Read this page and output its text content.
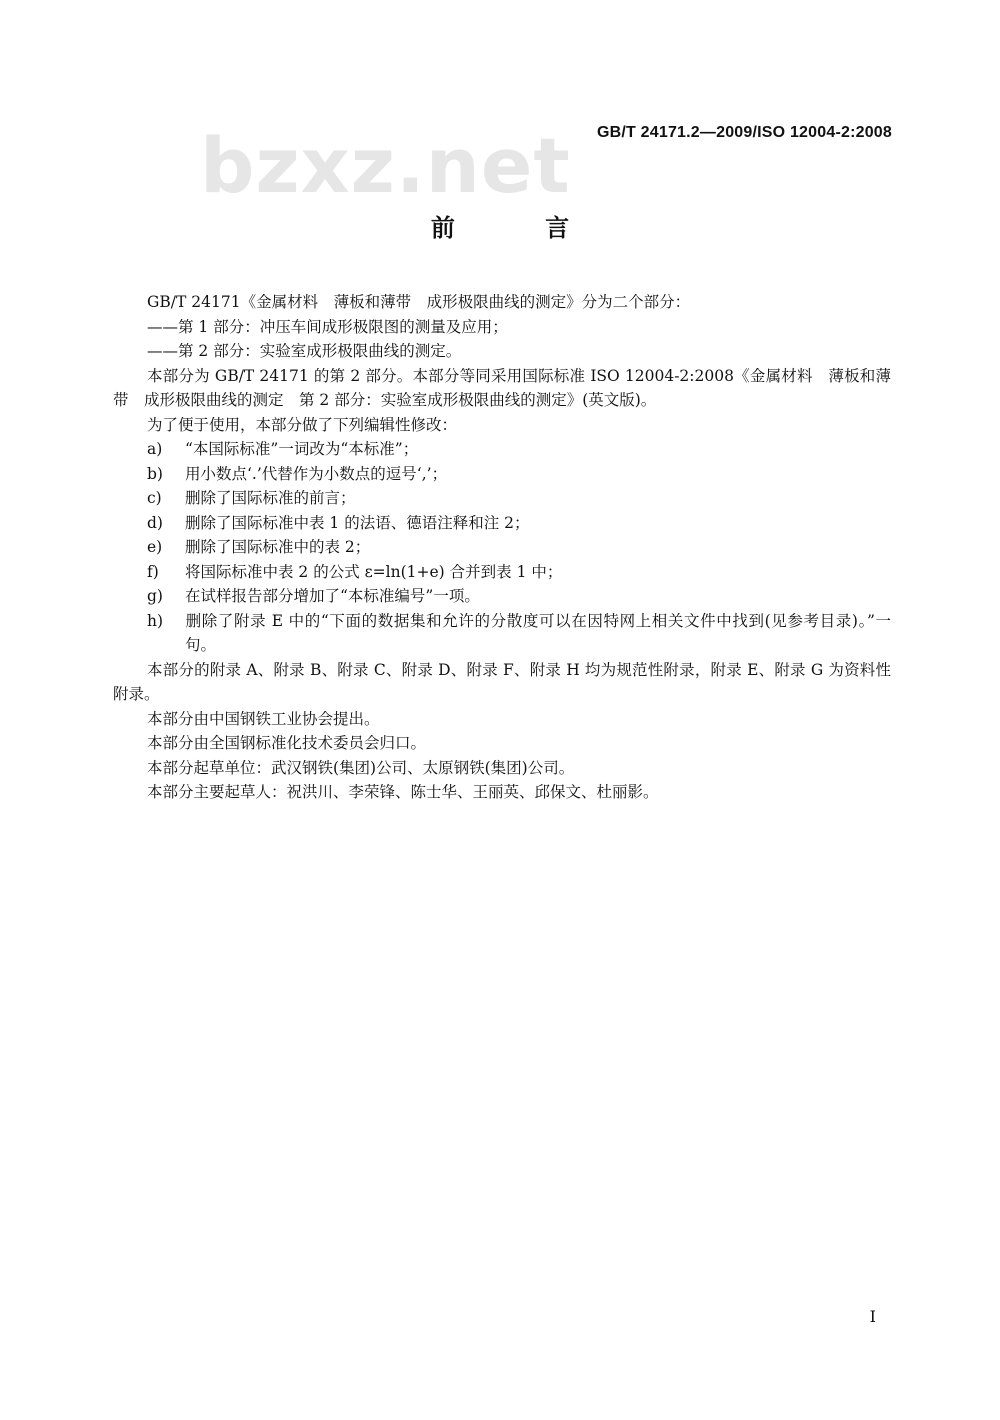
bzxz.net GB/T 24171.2—2009/ISO 12004-2:2008
前 言

GB/T 24171《金属材料　薄板和薄带　成形极限曲线的测定》分为二个部分：

——第 1 部分：冲压车间成形极限图的测量及应用；

——第 2 部分：实验室成形极限曲线的测定。

本部分为 GB/T 24171 的第 2 部分。本部分等同采用国际标准 ISO 12004-2:2008《金属材料　薄板和薄带　成形极限曲线的测定　第 2 部分：实验室成形极限曲线的测定》(英文版)。

为了便于使用，本部分做了下列编辑性修改：

a) “本国际标准”一词改为“本标准”；

b) 用小数点‘.’代替作为小数点的逗号‘,’；

c) 删除了国际标准的前言；

d) 删除了国际标准中表 1 的法语、德语注释和注 2；

e) 删除了国际标准中的表 2；

f) 将国际标准中表 2 的公式 ε=ln(1+e) 合并到表 1 中；

g) 在试样报告部分增加了“本标准编号”一项。

h) 删除了附录 E 中的“下面的数据集和允许的分散度可以在因特网上相关文件中找到(见参考目录)。”一句。

本部分的附录 A、附录 B、附录 C、附录 D、附录 F、附录 H 均为规范性附录，附录 E、附录 G 为资料性附录。

本部分由中国钢铁工业协会提出。

本部分由全国钢标准化技术委员会归口。

本部分起草单位：武汉钢铁(集团)公司、太原钢铁(集团)公司。

本部分主要起草人：祝洪川、李荣锋、陈士华、王丽英、邱保文、杜丽影。

I
